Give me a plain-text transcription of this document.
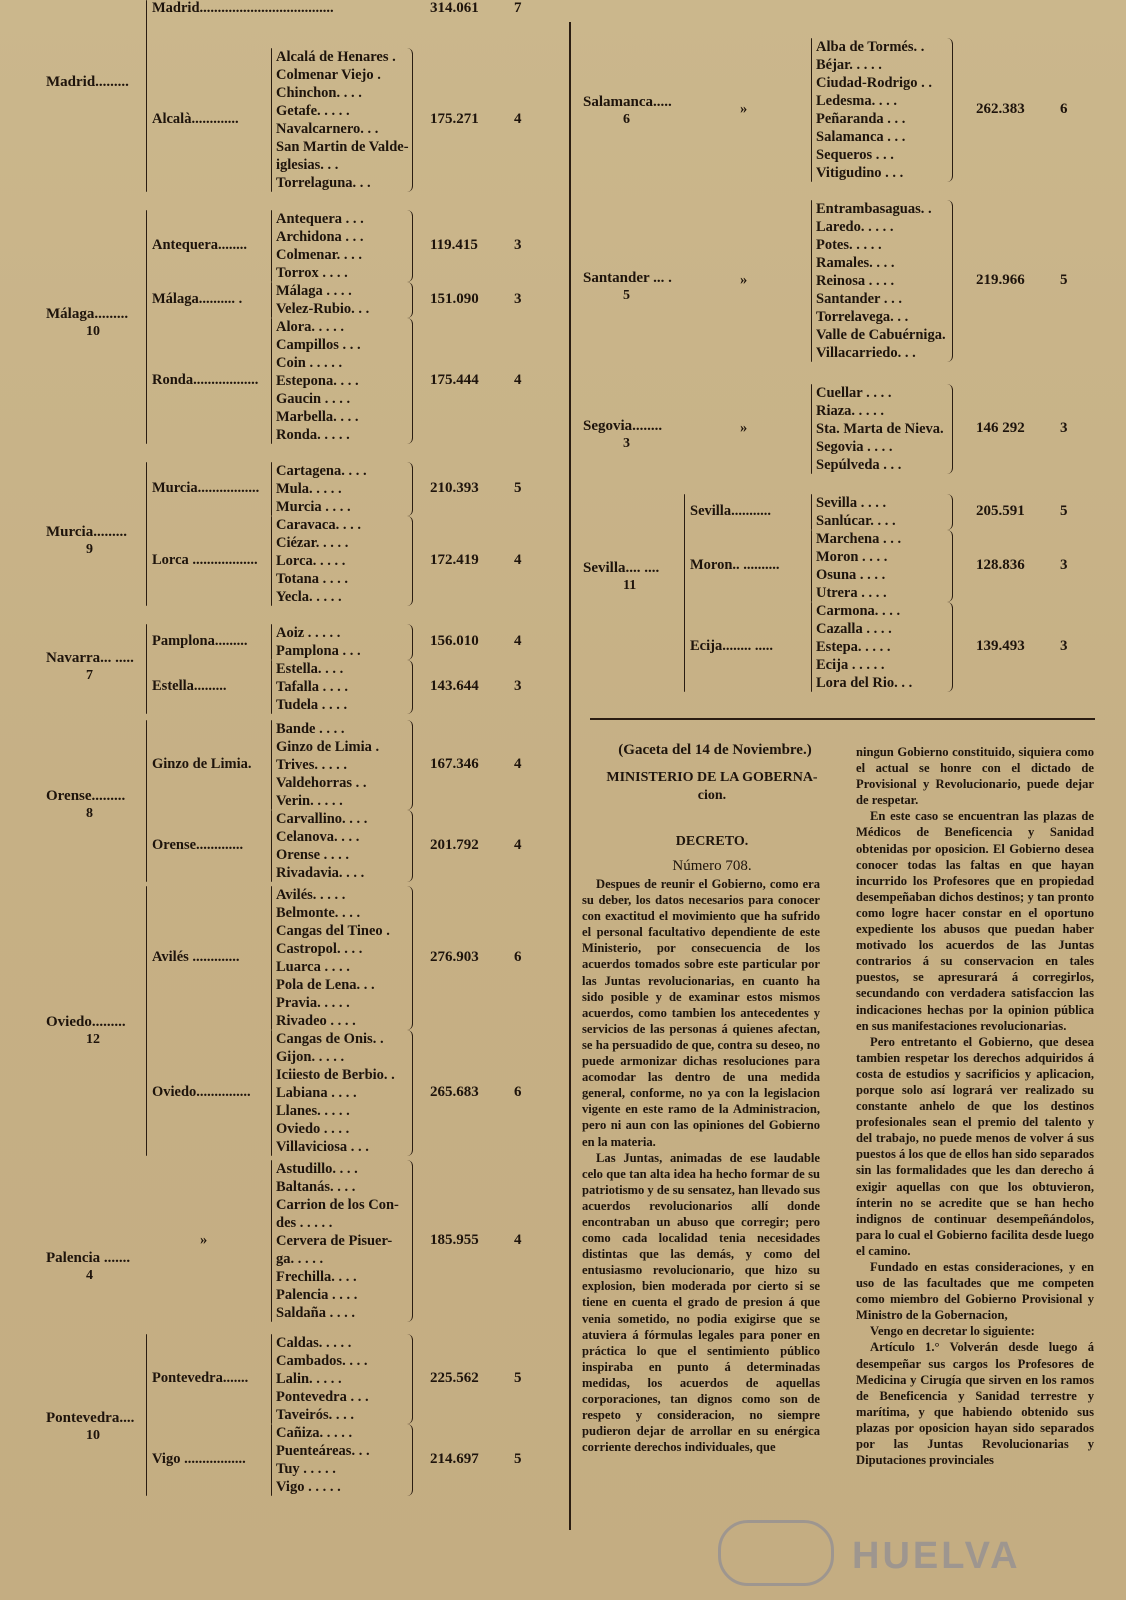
Madrid.........
Madrid.....................................	314.061 7
Alcalà.............
Alcalá de Henares .
Colmenar Viejo .
Chinchon. . . .
Getafe. . . . .
Navalcarnero. . .
San Martin de Valde-
iglesias. . .
Torrelaguna. . .
175.271 4
Málaga.........
10
Antequera........
Antequera . . .
Archidona . . .
Colmenar. . . .
Torrox . . . .
119.415 3
Málaga.......... . Málaga . . . .
Velez-Rubio. . .
151.090 3
Ronda..................
Alora. . . . .
Campillos . . .
Coin . . . . .
Estepona. . . .
Gaucin . . . .
Marbella. . . .
Ronda. . . . .
175.444 4
Murcia.........
9
Murcia.................
Cartagena. . . .
Mula. . . . .
Murcia . . . .
210.393 5
Lorca ..................
Caravaca. . . .
Ciézar. . . . .
Lorca. . . . .
Totana . . . .
Yecla. . . . .
172.419 4
Navarra... .....
7
Pamplona......... Aoiz . . . . .
Pamplona . . .
156.010 4
Estella.........
Estella. . . .
Tafalla . . . .
Tudela . . . .
143.644 3
Orense.........
8
Ginzo de Limia.
Bande . . . .
Ginzo de Limia .
Trives. . . . .
Valdehorras . .
Verin. . . . .
167.346 4
Orense.............
Carvallino. . . .
Celanova. . . .
Orense . . . .
Rivadavia. . . .
201.792 4
Oviedo.........
12
Avilés .............
Avilés. . . . .
Belmonte. . . .
Cangas del Tineo .
Castropol. . . .
Luarca . . . .
Pola de Lena. . .
Pravia. . . . .
Rivadeo . . . .
276.903 6
Oviedo...............
Cangas de Onis. .
Gijon. . . . .
Iciiesto de Berbio. .
Labiana . . . .
Llanes. . . . .
Oviedo . . . .
Villaviciosa . . .
265.683 6
Palencia .......
4
»
Astudillo. . . .
Baltanás. . . .
Carrion de los Con-
des . . . . .
Cervera de Pisuer-
ga. . . . .
Frechilla. . . .
Palencia . . . .
Saldaña . . . .
185.955 4
Pontevedra....
10
Pontevedra.......
Caldas. . . . .
Cambados. . . .
Lalin. . . . .
Pontevedra . . .
Taveirós. . . .
225.562 5
Vigo .................
Cañiza. . . . .
Puenteáreas. . .
Tuy . . . . .
Vigo . . . . .
214.697 5
Salamanca.....
6
»
Alba de Tormés. .
Béjar. . . . .
Ciudad-Rodrigo . .
Ledesma. . . .
Peñaranda . . .
Salamanca . . .
Sequeros . . .
Vitigudino . . .
262.383 6
Santander ... .
5
»
Entrambasaguas. .
Laredo. . . . .
Potes. . . . .
Ramales. . . .
Reinosa . . . .
Santander . . .
Torrelavega. . .
Valle de Cabuérniga.
Villacarriedo. . .
219.966 5
Segovia........
3
»
Cuellar . . . .
Riaza. . . . .
Sta. Marta de Nieva.
Segovia . . . .
Sepúlveda . . .
146 292 3
Sevilla.... ....
11
Sevilla...........	Sevilla . . . .
Sanlúcar. . . .
205.591 5
Moron.. ..........
Marchena . . .
Moron . . . .
Osuna . . . .
Utrera . . . .
128.836 3
Ecija........ .....
Carmona. . . .
Cazalla . . . .
Estepa. . . . .
Ecija . . . . .
Lora del Rio. . .
139.493 3
(Gaceta del 14 de Noviembre.)
MINISTERIO DE LA GOBERNA-
cion.
DECRETO.
Número 708.

Despues de reunir el Gobierno, como era su deber, los datos necesarios para conocer con exactitud el movimiento que ha sufrido el personal facultativo dependiente de este Ministerio, por consecuencia de los acuerdos tomados sobre este particular por las Juntas revolucionarias, en cuanto ha sido posible y de examinar estos mismos acuerdos, como tambien los antecedentes y servicios de las personas á quienes afectan, se ha persuadido de que, contra su deseo, no puede armonizar dichas resoluciones para acomodar las dentro de una medida general, conforme, no ya con la legislacion vigente en este ramo de la Administracion, pero ni aun con las opiniones del Gobierno en la materia.

Las Juntas, animadas de ese laudable celo que tan alta idea ha hecho formar de su patriotismo y de su sensatez, han llevado sus acuerdos revolucionarios allí donde encontraban un abuso que corregir; pero como cada localidad tenia necesidades distintas que las demás, y como del entusiasmo revolucionario, que hizo su explosion, bien moderada por cierto si se tiene en cuenta el grado de presion á que venia sometido, no podia exigirse que se atuviera á fórmulas legales para poner en práctica lo que el sentimiento público inspiraba en punto á determinadas medidas, los acuerdos de aquellas corporaciones, tan dignos como son de respeto y consideracion, no siempre pudieron dejar de arrollar en su enérgica corriente derechos individuales, que

ningun Gobierno constituido, siquiera como el actual se honre con el dictado de Provisional y Revolucionario, puede dejar de respetar.

En este caso se encuentran las plazas de Médicos de Beneficencia y Sanidad obtenidas por oposicion. El Gobierno desea conocer todas las faltas en que hayan incurrido los Profesores que en propiedad desempeñaban dichos destinos; y tan pronto como logre hacer constar en el oportuno expediente los abusos que puedan haber motivado los acuerdos de las Juntas contrarios á su conservacion en tales puestos, se apresurará á corregirlos, secundando con verdadera satisfaccion las indicaciones hechas por la opinion pública en sus manifestaciones revolucionarias.

Pero entretanto el Gobierno, que desea tambien respetar los derechos adquiridos á costa de estudios y sacrificios y aplicacion, porque solo así logrará ver realizado su constante anhelo de que los destinos profesionales sean el premio del talento y del trabajo, no puede menos de volver á sus puestos á los que de ellos han sido separados sin las formalidades que les dan derecho á exigir aquellas con que los obtuvieron, ínterin no se acredite que se han hecho indignos de continuar desempeñándolos, para lo cual el Gobierno facilita desde luego el camino.

Fundado en estas consideraciones, y en uso de las facultades que me competen como miembro del Gobierno Provisional y Ministro de la Gobernacion,

Vengo en decretar lo siguiente:

Artículo 1.° Volverán desde luego á desempeñar sus cargos los Profesores de Medicina y Cirugía que sirven en los ramos de Beneficencia y Sanidad terrestre y marítima, y que habiendo obtenido sus plazas por oposicion hayan sido separados por las Juntas Revolucionarias y Diputaciones provinciales

HUELVA
